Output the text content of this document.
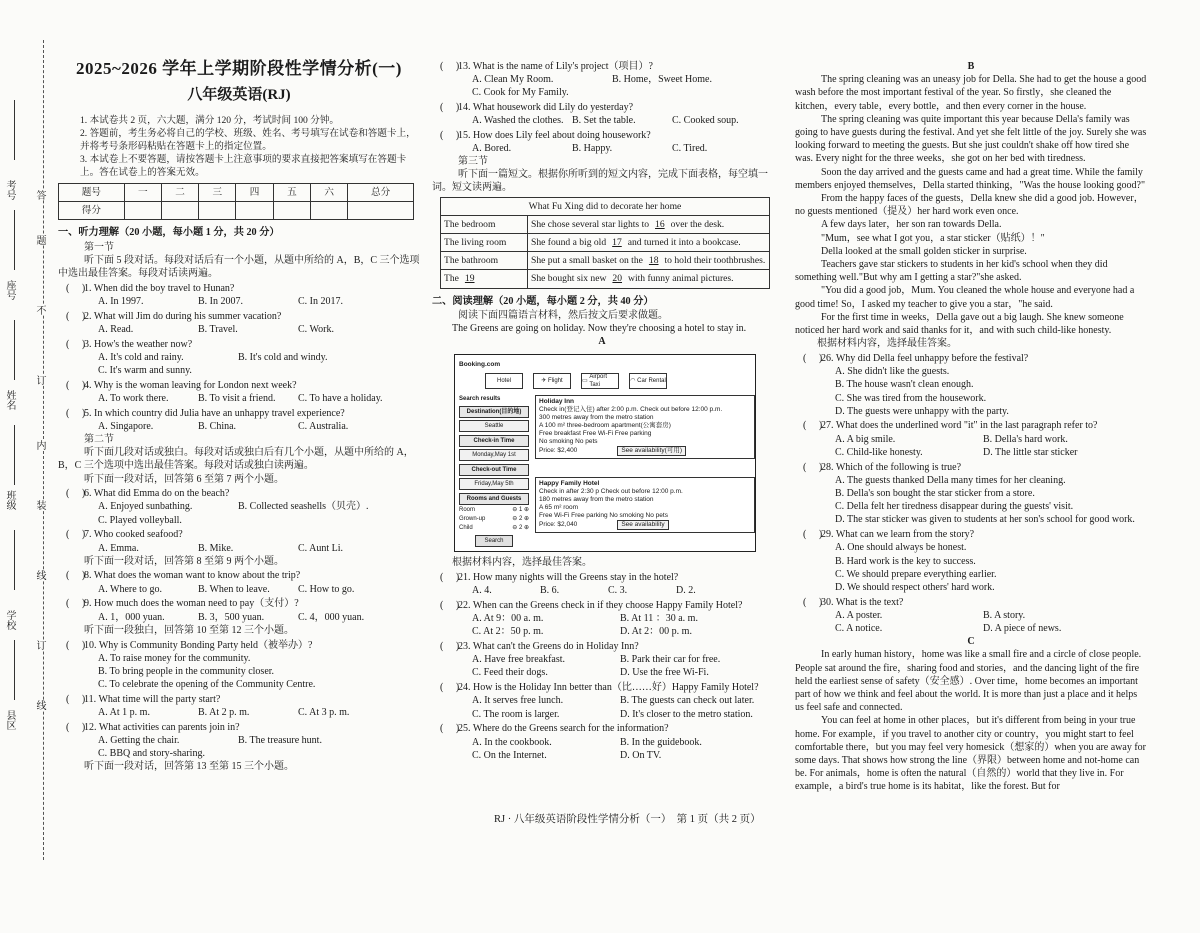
考号
座号
姓名
班级
学校
县区
答
题
不
订
内
装
线
订
线
2025~2026 学年上学期阶段性学情分析(一)
八年级英语(RJ)

1. 本试卷共 2 页，六大题，满分 120 分，考试时间 100 分钟。

2. 答题前，考生务必将自己的学校、班级、姓名、考号填写在试卷和答题卡上，并将考号条形码粘贴在答题卡上的指定位置。

3. 本试卷上不要答题，请按答题卡上注意事项的要求直接把答案填写在答题卡上。答在试卷上的答案无效。

题号	一	二	三	四	五	六	总分
得分							
一、听力理解（20 小题，每小题 1 分，共 20 分）
第一节

听下面 5 段对话。每段对话后有一个小题，从题中所给的 A，B，C 三个选项中选出最佳答案。每段对话读两遍。

(　 )
1. When did the boy travel to Hunan?
A. In 1997.	B. In 2007.	C. In 2017.
(　 )
2. What will Jim do during his summer vacation?
A. Read.	B. Travel.	C. Work.
(　 )
3. How's the weather now?
A. It's cold and rainy.	B. It's cold and windy.
C. It's warm and sunny.
(　 )
4. Why is the woman leaving for London next week?
A. To work there.	B. To visit a friend.	C. To have a holiday.
(　 )
5. In which country did Julia have an unhappy travel experience?
A. Singapore.	B. China.	C. Australia.
第二节

听下面几段对话或独白。每段对话或独白后有几个小题，从题中所给的 A，B，C 三个选项中选出最佳答案。每段对话或独白读两遍。

听下面一段对话，回答第 6 至第 7 两个小题。

(　 )
6. What did Emma do on the beach?
A. Enjoyed sunbathing.	B. Collected seashells（贝壳）.
C. Played volleyball.
(　 )
7. Who cooked seafood?
A. Emma.	B. Mike.	C. Aunt Li.

听下面一段对话，回答第 8 至第 9 两个小题。

(　 )
8. What does the woman want to know about the trip?
A. Where to go.	B. When to leave.	C. How to go.
(　 )
9. How much does the woman need to pay（支付）?
A. 1，000 yuan.	B. 3，500 yuan.	C. 4，000 yuan.

听下面一段独白，回答第 10 至第 12 三个小题。

(　 )
10. Why is Community Bonding Party held（被举办）?
A. To raise money for the community.
B. To bring people in the community closer.
C. To celebrate the opening of the Community Centre.
(　 )
11. What time will the party start?
A. At 1 p. m.	B. At 2 p. m.	C. At 3 p. m.
(　 )
12. What activities can parents join in?
A. Getting the chair.	B. The treasure hunt.
C. BBQ and story-sharing.

听下面一段对话，回答第 13 至第 15 三个小题。

(　 )
13. What is the name of Lily's project（项目）?
A. Clean My Room.	B. Home，Sweet Home.
C. Cook for My Family.
(　 )
14. What housework did Lily do yesterday?
A. Washed the clothes. B. Set the table.	C. Cooked soup.
(　 )
15. How does Lily feel about doing housework?
A. Bored.	B. Happy.	C. Tired.
第三节

听下面一篇短文。根据你所听到的短文内容，完成下面表格，每空填一词。短文读两遍。

What Fu Xing did to decorate her home	
The bedroom	She chose several star lights to 16 over the desk.
The living room	She found a big old 17 and turned it into a bookcase.
The bathroom	She put a small basket on the 18 to hold their toothbrushes.
The 19	She bought six new 20 with funny animal pictures.
二、阅读理解（20 小题，每小题 2 分，共 40 分）

阅读下面四篇语言材料，然后按文后要求做题。

The Greens are going on holiday. Now they're choosing a hotel to stay in.

A
Booking.com
Hotel	✈
Flight	▭

Airport Taxi
◠
Car Rental
Search results
Destination(目的地)
Seattle
Check-in Time
Monday,May 1st
Check-out Time
Friday,May 5th
Rooms and Guests
Room	⊖ 1 ⊕
Grown-up	⊖ 2 ⊕
Child	⊖ 2 ⊕
Search
Holiday Inn
Check in(登记入住) after 2:00 p.m. Check out before 12:00 p.m.
300 metres away from the metro station
A 100 m² three-bedroom apartment(公寓套房)
Free breakfast Free Wi-Fi Free parking
No smoking No pets
Price: $2,400	See availability(可用)
Happy Family Hotel
Check in after 2:30 p Check out before 12:00 p.m.
180 metres away from the metro station
A 65 m² room
Free Wi-Fi Free parking No smoking No pets
Price: $2,040	See availability

根据材料内容，选择最佳答案。

(　 )
21. How many nights will the Greens stay in the hotel?
A. 4.	B. 6.	C. 3.	D. 2.
(　 )
22. When can the Greens check in if they choose Happy Family Hotel?
A. At 9：00 a. m.	B. At 11 ：30 a. m.
C. At 2：50 p. m.	D. At 2：00 p. m.
(　 )
23. What can't the Greens do in Holiday Inn?
A. Have free breakfast.	B. Park their car for free.
C. Feed their dogs.	D. Use the free Wi-Fi.
(　 )
24. How is the Holiday Inn better than（比……好）Happy Family Hotel?
A. It serves free lunch.	B. The guests can check out later.
C. The room is larger.	D. It's closer to the metro station.
(　 )
25. Where do the Greens search for the information?
A. In the cookbook.	B. In the guidebook.
C. On the Internet.	D. On TV.
B

The spring cleaning was an uneasy job for Della. She had to get the house a good wash before the most important festival of the year. So firstly，she cleaned the kitchen，every table，every bottle，and then every corner in the house.

The spring cleaning was quite important this year because Della's family was going to have guests during the festival. And yet she felt little of the joy. Surely she was looking forward to meeting the guests. But she just couldn't shake off how tired she was. Every night for the three weeks，she got on her bed with tiredness.

Soon the day arrived and the guests came and had a great time. While the family members enjoyed themselves，Della started thinking，"Was the house looking good?"

From the happy faces of the guests，Della knew she did a good job. However，no guests mentioned（提及）her hard work even once.

A few days later，her son ran towards Della.

"Mum，see what I got you，a star sticker（贴纸）！"

Della looked at the small golden sticker in surprise.

Teachers gave star stickers to students in her kid's school when they did something well."But why am I getting a star?"she asked.

"You did a good job，Mum. You cleaned the whole house and everyone had a good time! So，I asked my teacher to give you a star，"he said.

For the first time in weeks，Della gave out a big laugh. She knew someone noticed her hard work and said thanks for it，and with such child-like honesty.

根据材料内容，选择最佳答案。

(　 )
26. Why did Della feel unhappy before the festival?
A. She didn't like the guests.
B. The house wasn't clean enough.
C. She was tired from the housework.
D. The guests were unhappy with the party.
(　 )
27. What does the underlined word "it" in the last paragraph refer to?
A. A big smile.	B. Della's hard work.
C. Child-like honesty.	D. The little star sticker
(　 )
28. Which of the following is true?
A. The guests thanked Della many times for her cleaning.
B. Della's son bought the star sticker from a store.
C. Della felt her tiredness disappear during the guests' visit.
D. The star sticker was given to students at her son's school for good work.
(　 )
29. What can we learn from the story?
A. One should always be honest.
B. Hard work is the key to success.
C. We should prepare everything earlier.
D. We should respect others' hard work.
(　 )
30. What is the text?
A. A poster.	B. A story.
C. A notice.	D. A piece of news.
C

In early human history，home was like a small fire and a circle of close people. People sat around the fire，sharing food and stories，and the dancing light of the fire held the earliest sense of safety（安全感）. Over time，home becomes an important part of how we think and feel about the world. It is more than just a place and it helps us feel safe and connected.

You can feel at home in other places，but it's different from being in your true home. For example，if you travel to another city or country，you might start to feel comfortable there，but you may feel very homesick（想家的）when you are away for some days. That shows how strong the line（界限）between home and not-home can be. For animals，home is often the natural（自然的）world that they live in. For example，a bird's true home is its habitat，like the forest. But for

RJ · 八年级英语阶段性学情分析（一）　第 1 页（共 2 页）
